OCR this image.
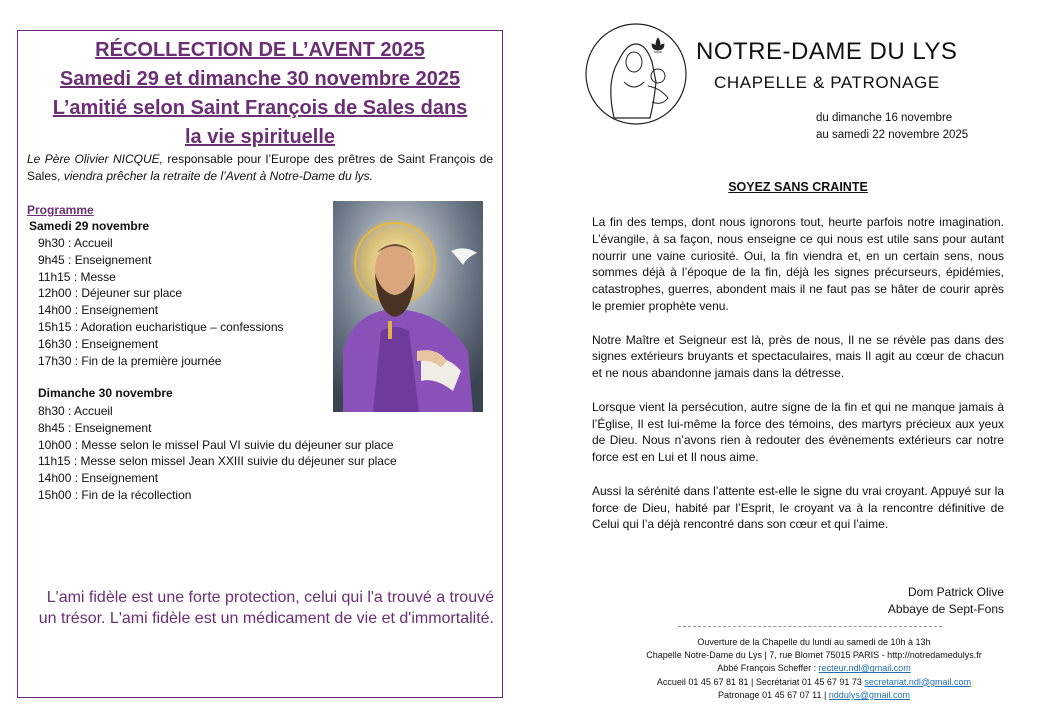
RÉCOLLECTION DE L’AVENT 2025
Samedi 29 et dimanche 30 novembre 2025
L’amitié selon Saint François de Sales dans
la vie spirituelle
Le Père Olivier NICQUE, responsable pour l’Europe des prêtres de Saint François de Sales, viendra prêcher la retraite de l’Avent à Notre-Dame du lys.
Programme
Samedi 29 novembre
9h30 : Accueil
9h45 : Enseignement
11h15 : Messe
12h00 : Déjeuner sur place
14h00 : Enseignement
15h15 : Adoration eucharistique – confessions
16h30 : Enseignement
17h30 : Fin de la première journée
Dimanche 30 novembre
8h30 : Accueil
8h45 : Enseignement
10h00 : Messe selon le missel Paul VI suivie du déjeuner sur place
11h15 : Messe selon missel Jean XXIII suivie du déjeuner sur place
14h00 : Enseignement
15h00 : Fin de la récollection
L'ami fidèle est une forte protection, celui qui l'a trouvé a trouvé un trésor. L'ami fidèle est un médicament de vie et d'immortalité.
NOTRE-DAME DU LYS
CHAPELLE & PATRONAGE
du dimanche 16 novembre
au samedi 22 novembre 2025
SOYEZ SANS CRAINTE

La fin des temps, dont nous ignorons tout, heurte parfois notre imagination. L’évangile, à sa façon, nous enseigne ce qui nous est utile sans pour autant nourrir une vaine curiosité. Oui, la fin viendra et, en un certain sens, nous sommes déjà à l’époque de la fin, déjà les signes précurseurs, épidémies, catastrophes, guerres, abondent mais il ne faut pas se hâter de courir après le premier prophète venu.

Notre Maître et Seigneur est là, près de nous, Il ne se révèle pas dans des signes extérieurs bruyants et spectaculaires, mais Il agit au cœur de chacun et ne nous abandonne jamais dans la détresse.

Lorsque vient la persécution, autre signe de la fin et qui ne manque jamais à l’Église, Il est lui-même la force des témoins, des martyrs précieux aux yeux de Dieu. Nous n’avons rien à redouter des évènements extérieurs car notre force est en Lui et Il nous aime.

Aussi la sérénité dans l’attente est-elle le signe du vrai croyant. Appuyé sur la force de Dieu, habité par l’Esprit, le croyant va à la rencontre définitive de Celui qui l’a déjà rencontré dans son cœur et qui l’aime.

Dom Patrick Olive
Abbaye de Sept-Fons
Ouverture de la Chapelle du lundi au samedi de 10h à 13h
Chapelle Notre-Dame du Lys | 7, rue Blomet 75015 PARIS - http://notredamedulys.fr
Abbé François Scheffer : recteur.ndl@gmail.com
Accueil 01 45 67 81 81 | Secrétariat 01 45 67 91 73 secretariat.ndl@gmail.com
Patronage 01 45 67 07 11 | nddulys@gmail.com
